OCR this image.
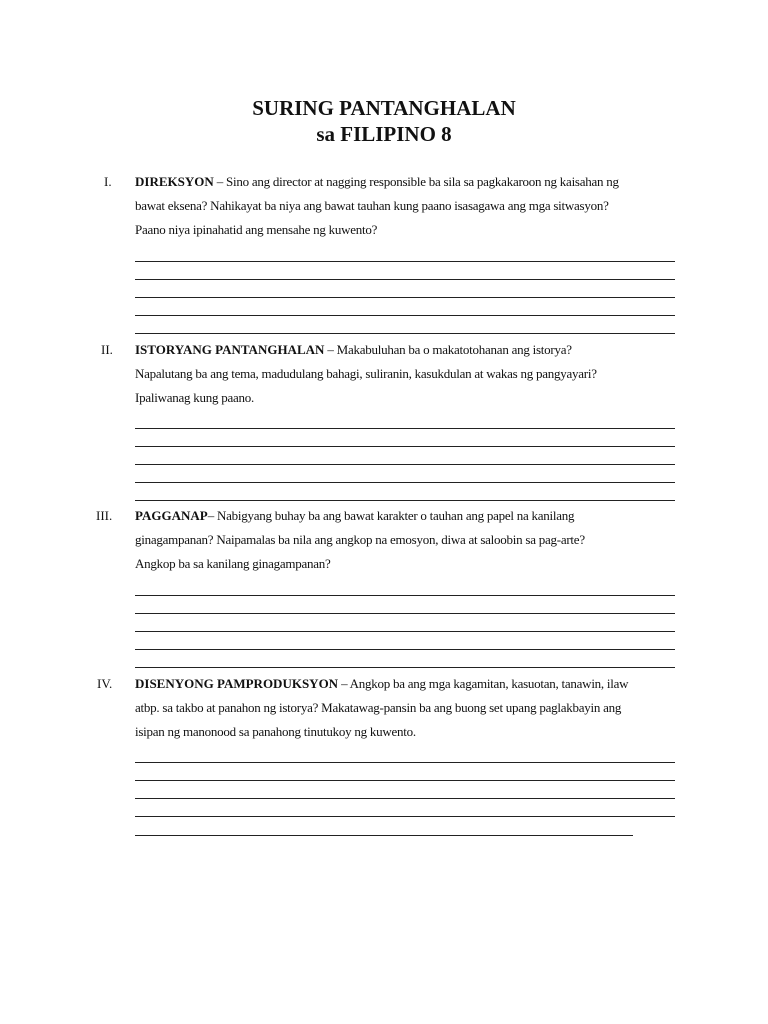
SURING PANTANGHALAN
sa FILIPINO 8
I. DIREKSYON – Sino ang director at nagging responsible ba sila sa pagkakaroon ng kaisahan ng
bawat eksena? Nahikayat ba niya ang bawat tauhan kung paano isasagawa ang mga sitwasyon?
Paano niya ipinahatid ang mensahe ng kuwento?
II. ISTORYANG PANTANGHALAN – Makabuluhan ba o makatotohanan ang istorya?
Napalutang ba ang tema, madudulang bahagi, suliranin, kasukdulan at wakas ng pangyayari?
Ipaliwanag kung paano.
III. PAGGANAP– Nabigyang buhay ba ang bawat karakter o tauhan ang papel na kanilang
ginagampanan? Naipamalas ba nila ang angkop na emosyon, diwa at saloobin sa pag-arte?
Angkop ba sa kanilang ginagampanan?
IV. DISENYONG PAMPRODUKSYON – Angkop ba ang mga kagamitan, kasuotan, tanawin, ilaw
atbp. sa takbo at panahon ng istorya? Makatawag-pansin ba ang buong set upang paglakbayin ang
isipan ng manonood sa panahong tinutukoy ng kuwento.
